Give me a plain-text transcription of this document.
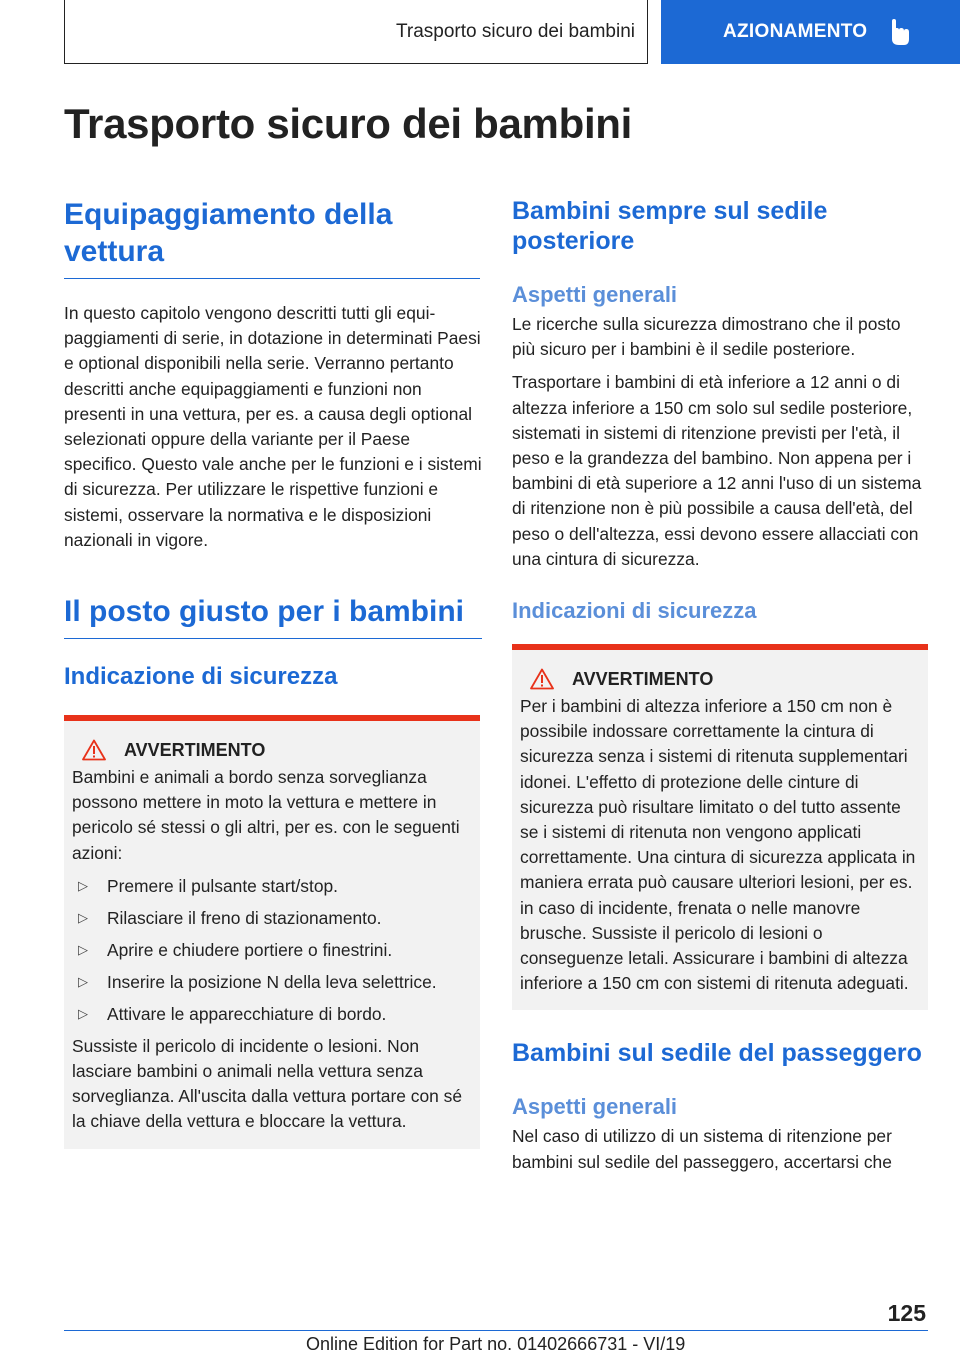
Trasporto sicuro dei bambini	AZIONAMENTO
Trasporto sicuro dei bambini
Equipaggiamento della vettura

In questo capitolo vengono descritti tutti gli equipaggiamenti di serie, in dotazione in determinati Paesi e optional disponibili nella serie. Verranno pertanto descritti anche equipaggiamenti e funzioni non presenti in una vettura, per es. a causa degli optional selezionati oppure della variante per il Paese specifico. Questo vale anche per le funzioni e i sistemi di sicurezza. Per utilizzare le rispettive funzioni e sistemi, osservare la normativa e le disposizioni nazionali in vigore.

Il posto giusto per i bambini
Indicazione di sicurezza
AVVERTIMENTO

Bambini e animali a bordo senza sorveglianza possono mettere in moto la vettura e mettere in pericolo sé stessi o gli altri, per es. con le seguenti azioni:

▷	Premere il pulsante start/stop.
▷	Rilasciare il freno di stazionamento.
▷	Aprire e chiudere portiere o finestrini.
▷	Inserire la posizione N della leva selettrice.
▷	Attivare le apparecchiature di bordo.

Sussiste il pericolo di incidente o lesioni. Non lasciare bambini o animali nella vettura senza sorveglianza. All'uscita dalla vettura portare con sé la chiave della vettura e bloccare la vettura.

Bambini sempre sul sedile posteriore
Aspetti generali

Le ricerche sulla sicurezza dimostrano che il posto più sicuro per i bambini è il sedile posteriore.

Trasportare i bambini di età inferiore a 12 anni o di altezza inferiore a 150 cm solo sul sedile posteriore, sistemati in sistemi di ritenzione previsti per l'età, il peso e la grandezza del bambino. Non appena per i bambini di età superiore a 12 anni l'uso di un sistema di ritenzione non è più possibile a causa dell'età, del peso o dell'altezza, essi devono essere allacciati con una cintura di sicurezza.

Indicazioni di sicurezza
AVVERTIMENTO

Per i bambini di altezza inferiore a 150 cm non è possibile indossare correttamente la cintura di sicurezza senza i sistemi di ritenuta supplementari idonei. L'effetto di protezione delle cinture di sicurezza può risultare limitato o del tutto assente se i sistemi di ritenuta non vengono applicati correttamente. Una cintura di sicurezza applicata in maniera errata può causare ulteriori lesioni, per es. in caso di incidente, frenata o nelle manovre brusche. Sussiste il pericolo di lesioni o conseguenze letali. Assicurare i bambini di altezza inferiore a 150 cm con sistemi di ritenuta adeguati.

Bambini sul sedile del passeggero
Aspetti generali

Nel caso di utilizzo di un sistema di ritenzione per bambini sul sedile del passeggero, accertarsi che

125
Online Edition for Part no. 01402666731 - VI/19
